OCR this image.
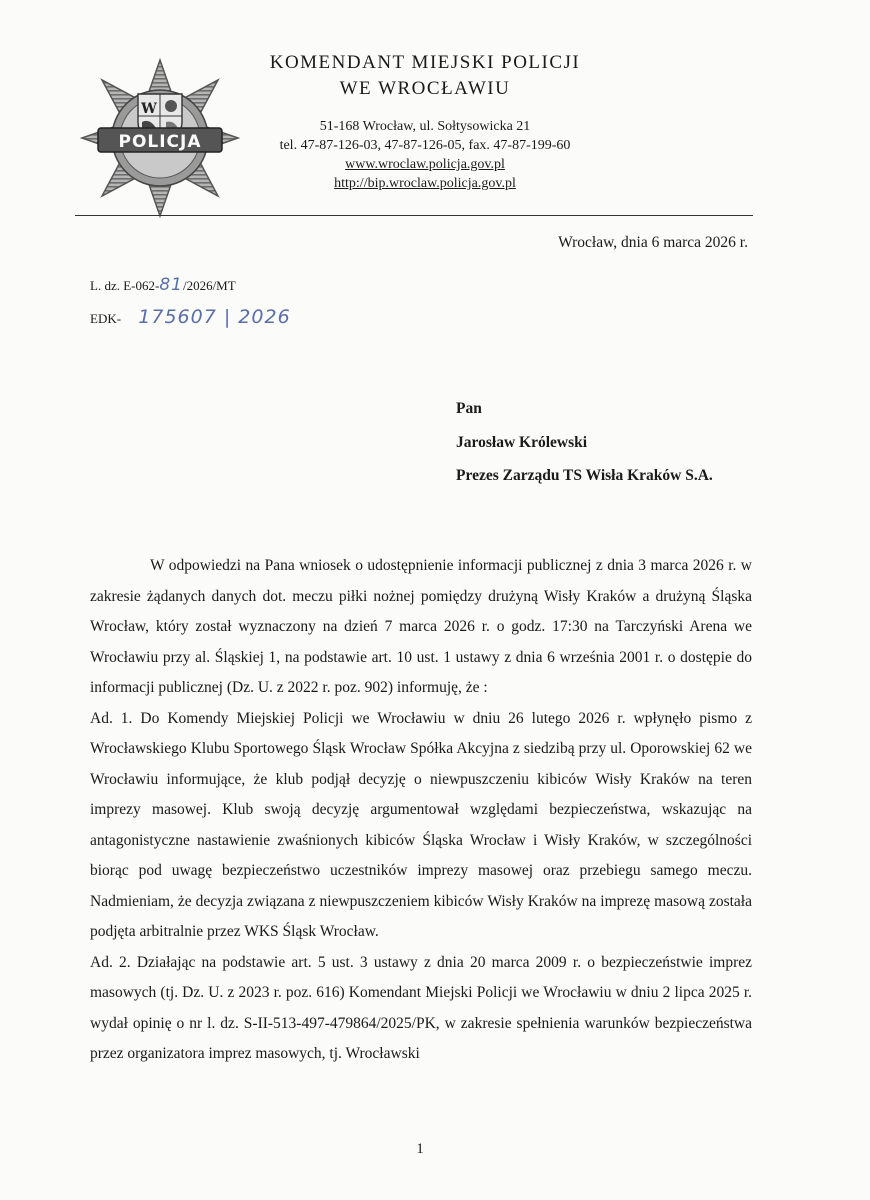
W
POLICJA
KOMENDANT MIEJSKI POLICJI
WE WROCŁAWIU
51-168 Wrocław, ul. Sołtysowicka 21
tel. 47-87-126-03, 47-87-126-05, fax. 47-87-199-60
www.wroclaw.policja.gov.pl
http://bip.wroclaw.policja.gov.pl
Wrocław, dnia 6 marca 2026 r.
L. dz. E-062-81/2026/MT
EDK- 175607 | 2026
Pan
Jarosław Królewski
Prezes Zarządu TS Wisła Kraków S.A.

W odpowiedzi na Pana wniosek o udostępnienie informacji publicznej z dnia 3 marca 2026 r. w zakresie żądanych danych dot. meczu piłki nożnej pomiędzy drużyną Wisły Kraków a drużyną Śląska Wrocław, który został wyznaczony na dzień 7 marca 2026 r. o godz. 17:30 na Tarczyński Arena we Wrocławiu przy al. Śląskiej 1, na podstawie art. 10 ust. 1 ustawy z dnia 6 września 2001 r. o dostępie do informacji publicznej (Dz. U. z 2022 r. poz. 902) informuję, że :

Ad. 1. Do Komendy Miejskiej Policji we Wrocławiu w dniu 26 lutego 2026 r. wpłynęło pismo z Wrocławskiego Klubu Sportowego Śląsk Wrocław Spółka Akcyjna z siedzibą przy ul. Oporowskiej 62 we Wrocławiu informujące, że klub podjął decyzję o niewpuszczeniu kibiców Wisły Kraków na teren imprezy masowej. Klub swoją decyzję argumentował względami bezpieczeństwa, wskazując na antagonistyczne nastawienie zwaśnionych kibiców Śląska Wrocław i Wisły Kraków, w szczególności biorąc pod uwagę bezpieczeństwo uczestników imprezy masowej oraz przebiegu samego meczu. Nadmieniam, że decyzja związana z niewpuszczeniem kibiców Wisły Kraków na imprezę masową została podjęta arbitralnie przez WKS Śląsk Wrocław.

Ad. 2. Działając na podstawie art. 5 ust. 3 ustawy z dnia 20 marca 2009 r. o bezpieczeństwie imprez masowych (tj. Dz. U. z 2023 r. poz. 616) Komendant Miejski Policji we Wrocławiu w dniu 2 lipca 2025 r. wydał opinię o nr l. dz. S-II-513-497-479864/2025/PK, w zakresie spełnienia warunków bezpieczeństwa przez organizatora imprez masowych, tj. Wrocławski

1
